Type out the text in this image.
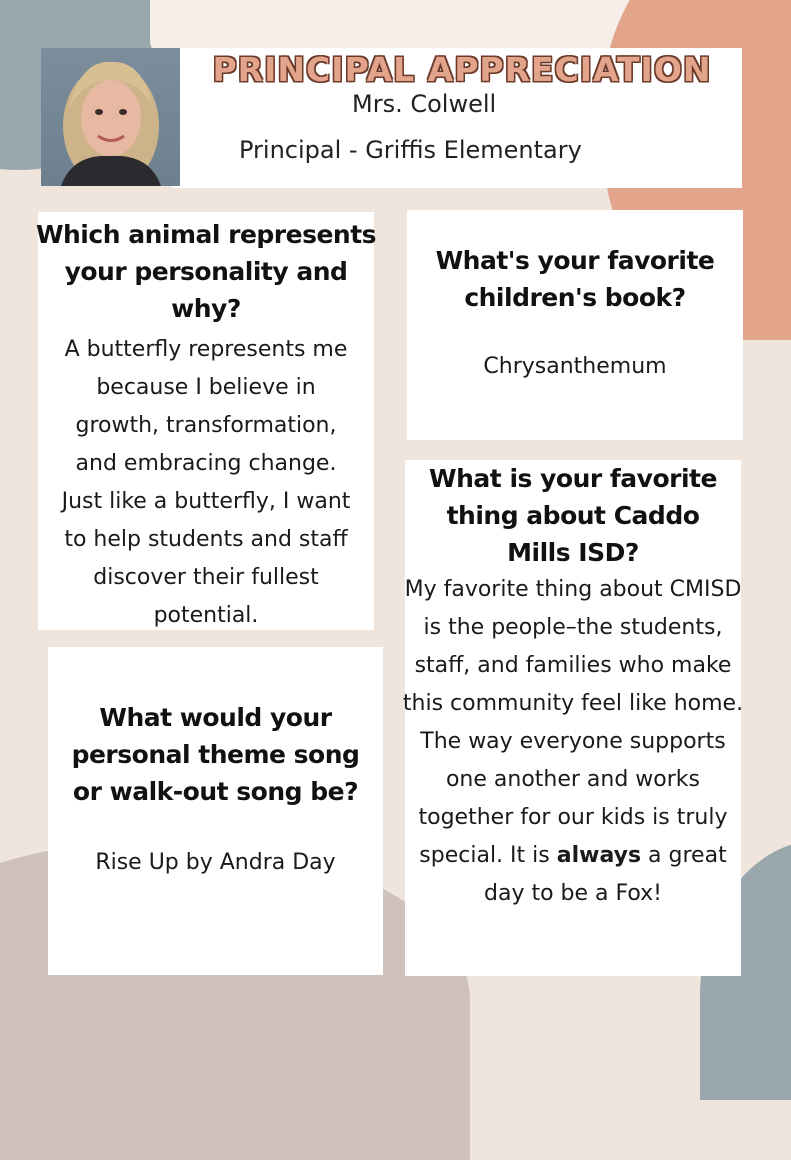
PRINCIPAL APPRECIATION
Mrs. Colwell
Principal - Griffis Elementary
Which animal represents your personality and why?
A butterfly represents me because I believe in growth, transformation, and embracing change. Just like a butterfly, I want to help students and staff discover their fullest potential.
What's your favorite children's book?
Chrysanthemum
What is your favorite thing about Caddo Mills ISD?
My favorite thing about CMISD is the people–the students, staff, and families who make this community feel like home. The way everyone supports one another and works together for our kids is truly special. It is always a great day to be a Fox!
What would your personal theme song or walk-out song be?
Rise Up by Andra Day
